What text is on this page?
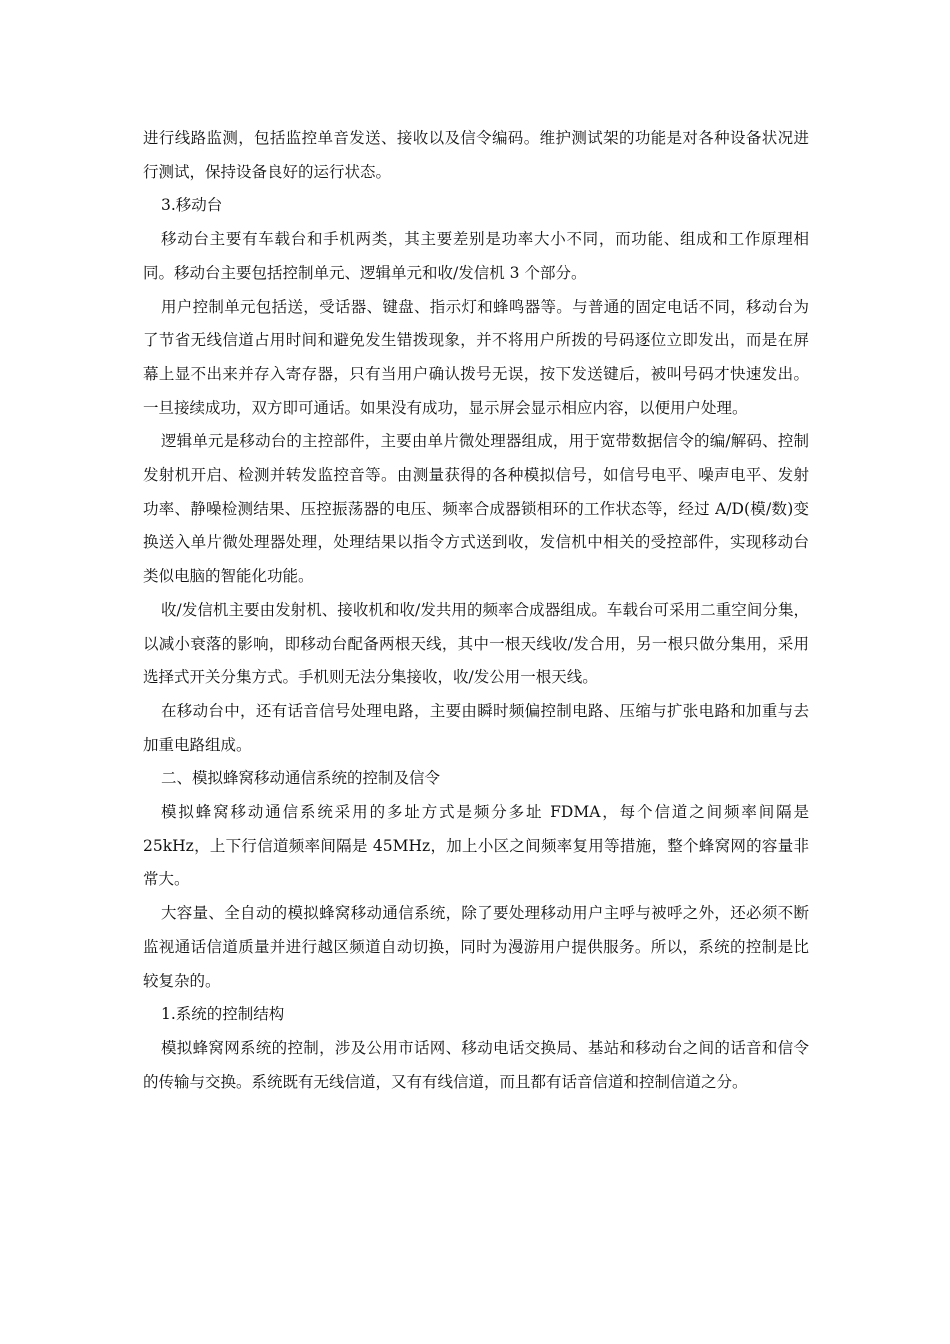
进行线路监测，包括监控单音发送、接收以及信令编码。维护测试架的功能是对各种设备状况进行测试，保持设备良好的运行状态。

3.移动台

移动台主要有车载台和手机两类，其主要差别是功率大小不同，而功能、组成和工作原理相同。移动台主要包括控制单元、逻辑单元和收/发信机 3 个部分。

用户控制单元包括送，受话器、键盘、指示灯和蜂鸣器等。与普通的固定电话不同，移动台为了节省无线信道占用时间和避免发生错拨现象，并不将用户所拨的号码逐位立即发出，而是在屏幕上显不出来并存入寄存器，只有当用户确认拨号无误，按下发送键后，被叫号码才快速发出。一旦接续成功，双方即可通话。如果没有成功，显示屏会显示相应内容，以便用户处理。

逻辑单元是移动台的主控部件，主要由单片微处理器组成，用于宽带数据信令的编/解码、控制发射机开启、检测并转发监控音等。由测量获得的各种模拟信号，如信号电平、噪声电平、发射功率、静噪检测结果、压控振荡器的电压、频率合成器锁相环的工作状态等，经过 A/D(模/数)变换送入单片微处理器处理，处理结果以指令方式送到收，发信机中相关的受控部件，实现移动台类似电脑的智能化功能。

收/发信机主要由发射机、接收机和收/发共用的频率合成器组成。车载台可采用二重空间分集，以减小衰落的影响，即移动台配备两根天线，其中一根天线收/发合用，另一根只做分集用，采用选择式开关分集方式。手机则无法分集接收，收/发公用一根天线。

在移动台中，还有话音信号处理电路，主要由瞬时频偏控制电路、压缩与扩张电路和加重与去加重电路组成。

二、模拟蜂窝移动通信系统的控制及信令

模拟蜂窝移动通信系统采用的多址方式是频分多址 FDMA，每个信道之间频率间隔是 25kHz，上下行信道频率间隔是 45MHz，加上小区之间频率复用等措施，整个蜂窝网的容量非常大。

大容量、全自动的模拟蜂窝移动通信系统，除了要处理移动用户主呼与被呼之外，还必须不断监视通话信道质量并进行越区频道自动切换，同时为漫游用户提供服务。所以，系统的控制是比较复杂的。

1.系统的控制结构

模拟蜂窝网系统的控制，涉及公用市话网、移动电话交换局、基站和移动台之间的话音和信令的传输与交换。系统既有无线信道，又有有线信道，而且都有话音信道和控制信道之分。
